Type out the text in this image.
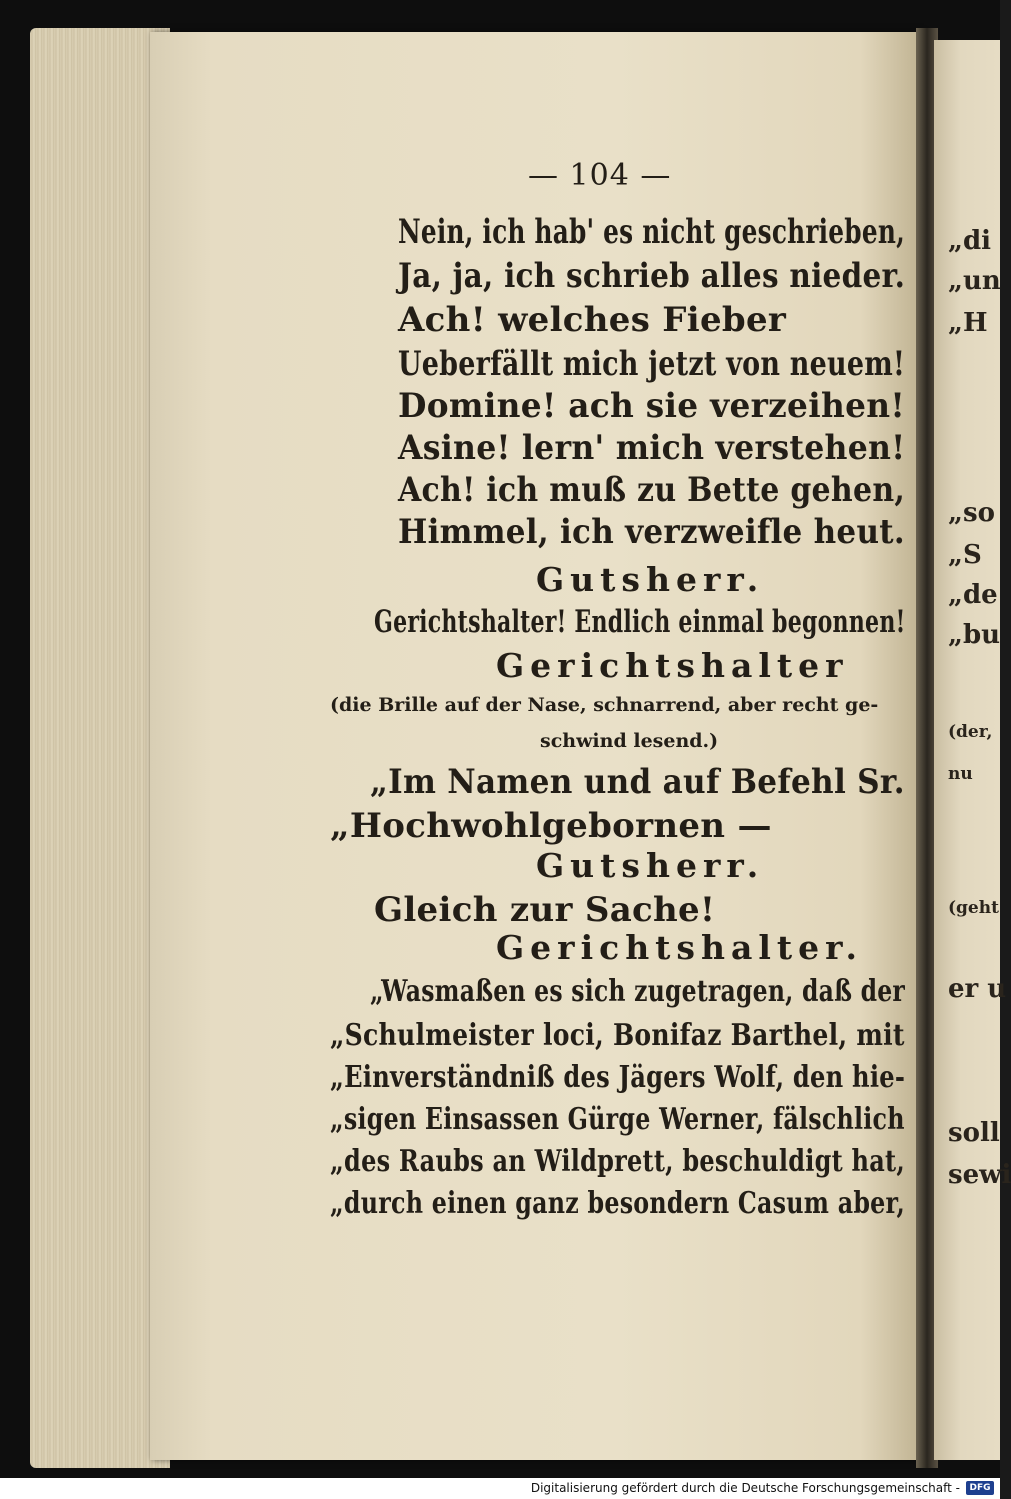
„di
„un
„H
„so
„S
„de
„bu
(der,
nu
(geht
er u
soll
sewi
— 104 —
Nein, ich hab' es nicht geschrieben,
Ja, ja, ich schrieb alles nieder.
Ach! welches Fieber
Ueberfällt mich jetzt von neuem!
Domine! ach sie verzeihen!
Asine! lern' mich verstehen!
Ach! ich muß zu Bette gehen,
Himmel, ich verzweifle heut.
Gutsherr.
Gerichtshalter! Endlich einmal begonnen!
Gerichtshalter
(die Brille auf der Nase, schnarrend, aber recht ge-
schwind lesend.)
„Im Namen und auf Befehl Sr.
„Hochwohlgebornen —
Gutsherr.
Gleich zur Sache!
Gerichtshalter.
„Wasmaßen es sich zugetragen, daß der
„Schulmeister loci, Bonifaz Barthel, mit
„Einverständniß des Jägers Wolf, den hie-
„sigen Einsassen Gürge Werner, fälschlich
„des Raubs an Wildprett, beschuldigt hat,
„durch einen ganz besondern Casum aber,
Digitalisierung gefördert durch die Deutsche Forschungsgemeinschaft -	DFG
